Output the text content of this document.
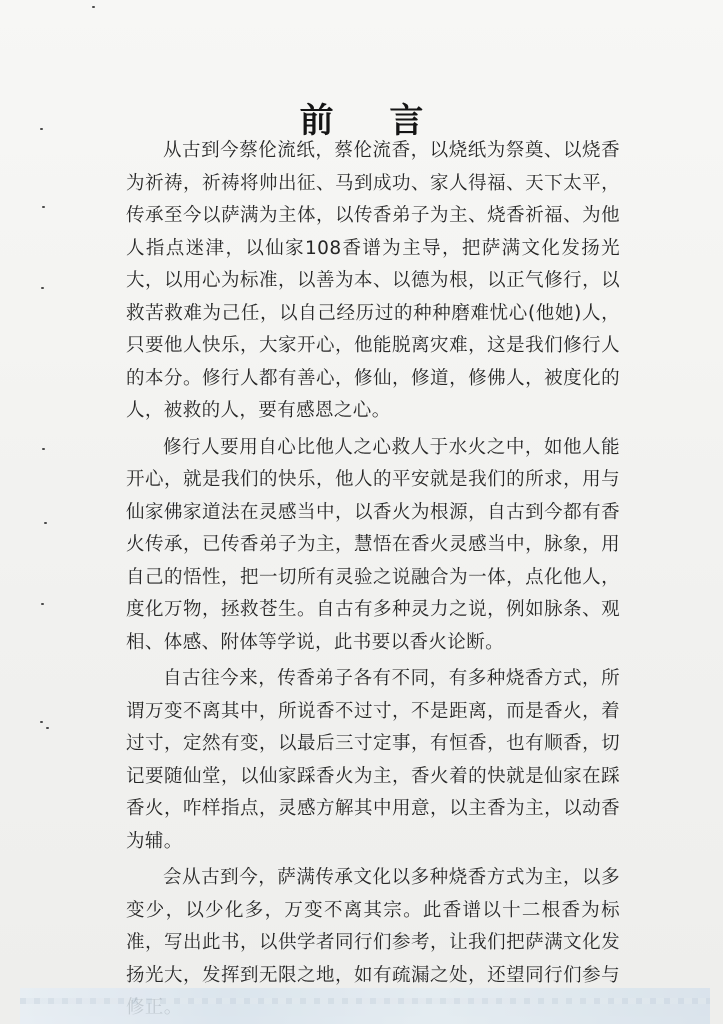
前 言

从古到今蔡伦流纸，蔡伦流香，以烧纸为祭奠、以烧香为祈祷，祈祷将帅出征、马到成功、家人得福、天下太平，传承至今以萨满为主体，以传香弟子为主、烧香祈福、为他人指点迷津，以仙家108香谱为主导，把萨满文化发扬光大，以用心为标准，以善为本、以德为根，以正气修行，以救苦救难为己任，以自己经历过的种种磨难忧心(他她)人，只要他人快乐，大家开心，他能脱离灾难，这是我们修行人的本分。修行人都有善心，修仙，修道，修佛人，被度化的人，被救的人，要有感恩之心。

修行人要用自心比他人之心救人于水火之中，如他人能开心，就是我们的快乐，他人的平安就是我们的所求，用与仙家佛家道法在灵感当中，以香火为根源，自古到今都有香火传承，已传香弟子为主，慧悟在香火灵感当中，脉象，用自己的悟性，把一切所有灵验之说融合为一体，点化他人，度化万物，拯救苍生。自古有多种灵力之说，例如脉条、观相、体感、附体等学说，此书要以香火论断。

自古往今来，传香弟子各有不同，有多种烧香方式，所谓万变不离其中，所说香不过寸，不是距离，而是香火，着过寸，定然有变，以最后三寸定事，有恒香，也有顺香，切记要随仙堂，以仙家踩香火为主，香火着的快就是仙家在踩香火，咋样指点，灵感方解其中用意，以主香为主，以动香为辅。

会从古到今，萨满传承文化以多种烧香方式为主，以多变少，以少化多，万变不离其宗。此香谱以十二根香为标准，写出此书，以供学者同行们参考，让我们把萨满文化发扬光大，发挥到无限之地，如有疏漏之处，还望同行们参与
